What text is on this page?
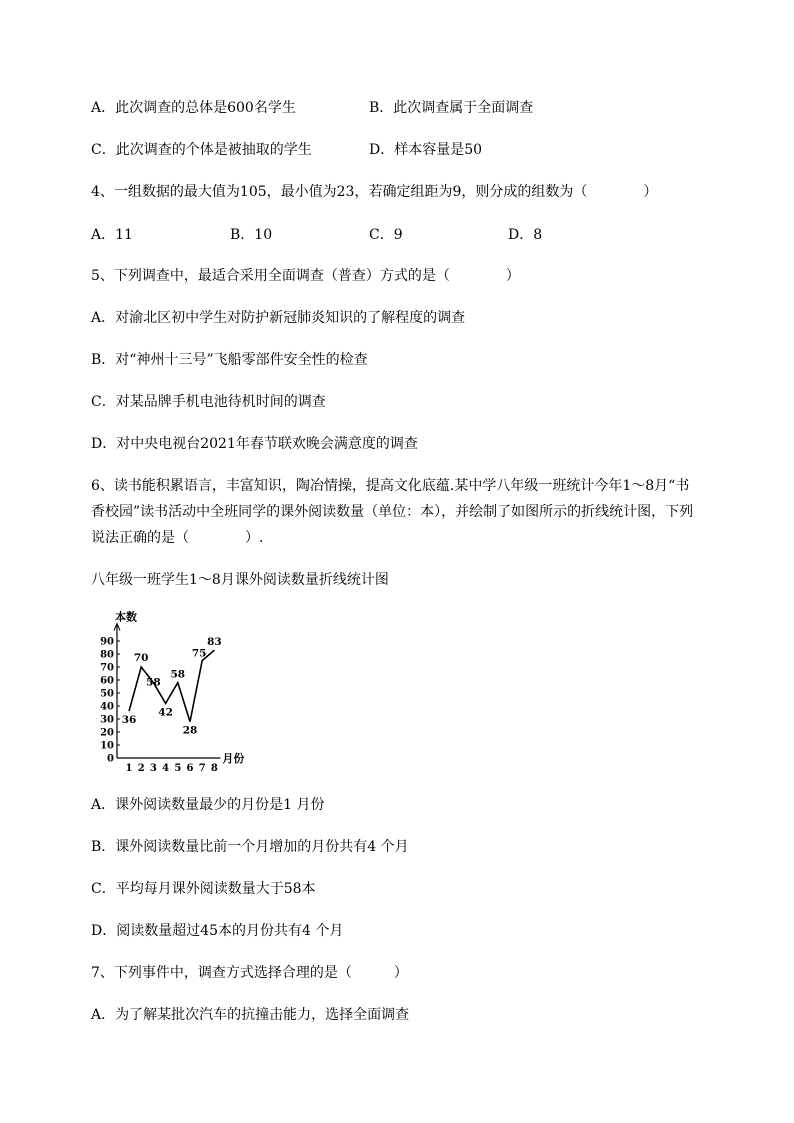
A．此次调查的总体是600名学生	B．此次调查属于全面调查
C．此次调查的个体是被抽取的学生	D．样本容量是50
4、一组数据的最大值为105，最小值为23，若确定组距为9，则分成的组数为（　　　　）
A．11	B．10	C．9	D．8
5、下列调查中，最适合采用全面调查（普查）方式的是（　　　　）
A．对渝北区初中学生对防护新冠肺炎知识的了解程度的调查
B．对“神州十三号”飞船零部件安全性的检查
C．对某品牌手机电池待机时间的调查
D．对中央电视台2021年春节联欢晚会满意度的调查
6、读书能积累语言，丰富知识，陶冶情操，提高文化底蕴.某中学八年级一班统计今年1～8月“书
香校园”读书活动中全班同学的课外阅读数量（单位：本），并绘制了如图所示的折线统计图，下列
说法正确的是（　　　　）.
八年级一班学生1～8月课外阅读数量折线统计图
0
10
20
30
40
50
60
70
80
90
1 2 3 4 5 6 7 8
本数
月份
36
70
58
42
58
28
75
83
A．课外阅读数量最少的月份是1 月份
B．课外阅读数量比前一个月增加的月份共有4 个月
C．平均每月课外阅读数量大于58本
D．阅读数量超过45本的月份共有4 个月
7、下列事件中，调查方式选择合理的是（　　　）
A．为了解某批次汽车的抗撞击能力，选择全面调查
